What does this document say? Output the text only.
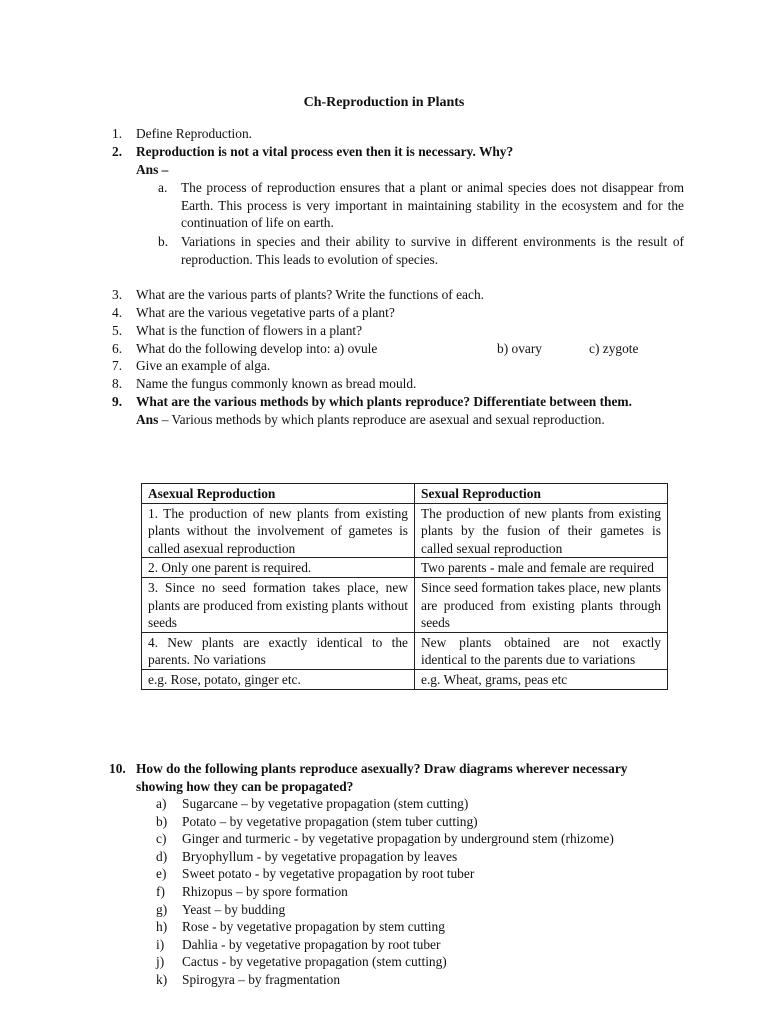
Ch-Reproduction in Plants
1.	Define Reproduction.
2.	Reproduction is not a vital process even then it is necessary. Why?
Ans –
a. The process of reproduction ensures that a plant or animal species does not disappear from Earth. This process is very important in maintaining stability in the ecosystem and for the continuation of life on earth.
b. Variations in species and their ability to survive in different environments is the result of reproduction. This leads to evolution of species.
3.	What are the various parts of plants? Write the functions of each.
4.	What are the various vegetative parts of a plant?
5.	What is the function of flowers in a plant?
6.	What do the following develop into: a) ovule	b) ovary	c) zygote
7.	Give an example of alga.
8.	Name the fungus commonly known as bread mould.
9.	What are the various methods by which plants reproduce? Differentiate between them.
Ans – Various methods by which plants reproduce are asexual and sexual reproduction.
Asexual Reproduction	Sexual Reproduction
1. The production of new plants from existing plants without the involvement of gametes is called asexual reproduction	The production of new plants from existing plants by the fusion of their gametes is called sexual reproduction
2. Only one parent is required.	Two parents - male and female are required
3. Since no seed formation takes place, new plants are produced from existing plants without seeds	Since seed formation takes place, new plants are produced from existing plants through seeds
4. New plants are exactly identical to the parents. No variations	New plants obtained are not exactly identical to the parents due to variations
e.g. Rose, potato, ginger etc.	e.g. Wheat, grams, peas etc
10. How do the following plants reproduce asexually? Draw diagrams wherever necessary showing how they can be propagated?
a) Sugarcane – by vegetative propagation (stem cutting)
b) Potato – by vegetative propagation (stem tuber cutting)
c) Ginger and turmeric - by vegetative propagation by underground stem (rhizome)
d) Bryophyllum - by vegetative propagation by leaves
e) Sweet potato - by vegetative propagation by root tuber
f) Rhizopus – by spore formation
g) Yeast – by budding
h) Rose - by vegetative propagation by stem cutting
i) Dahlia - by vegetative propagation by root tuber
j) Cactus - by vegetative propagation (stem cutting)
k) Spirogyra – by fragmentation
